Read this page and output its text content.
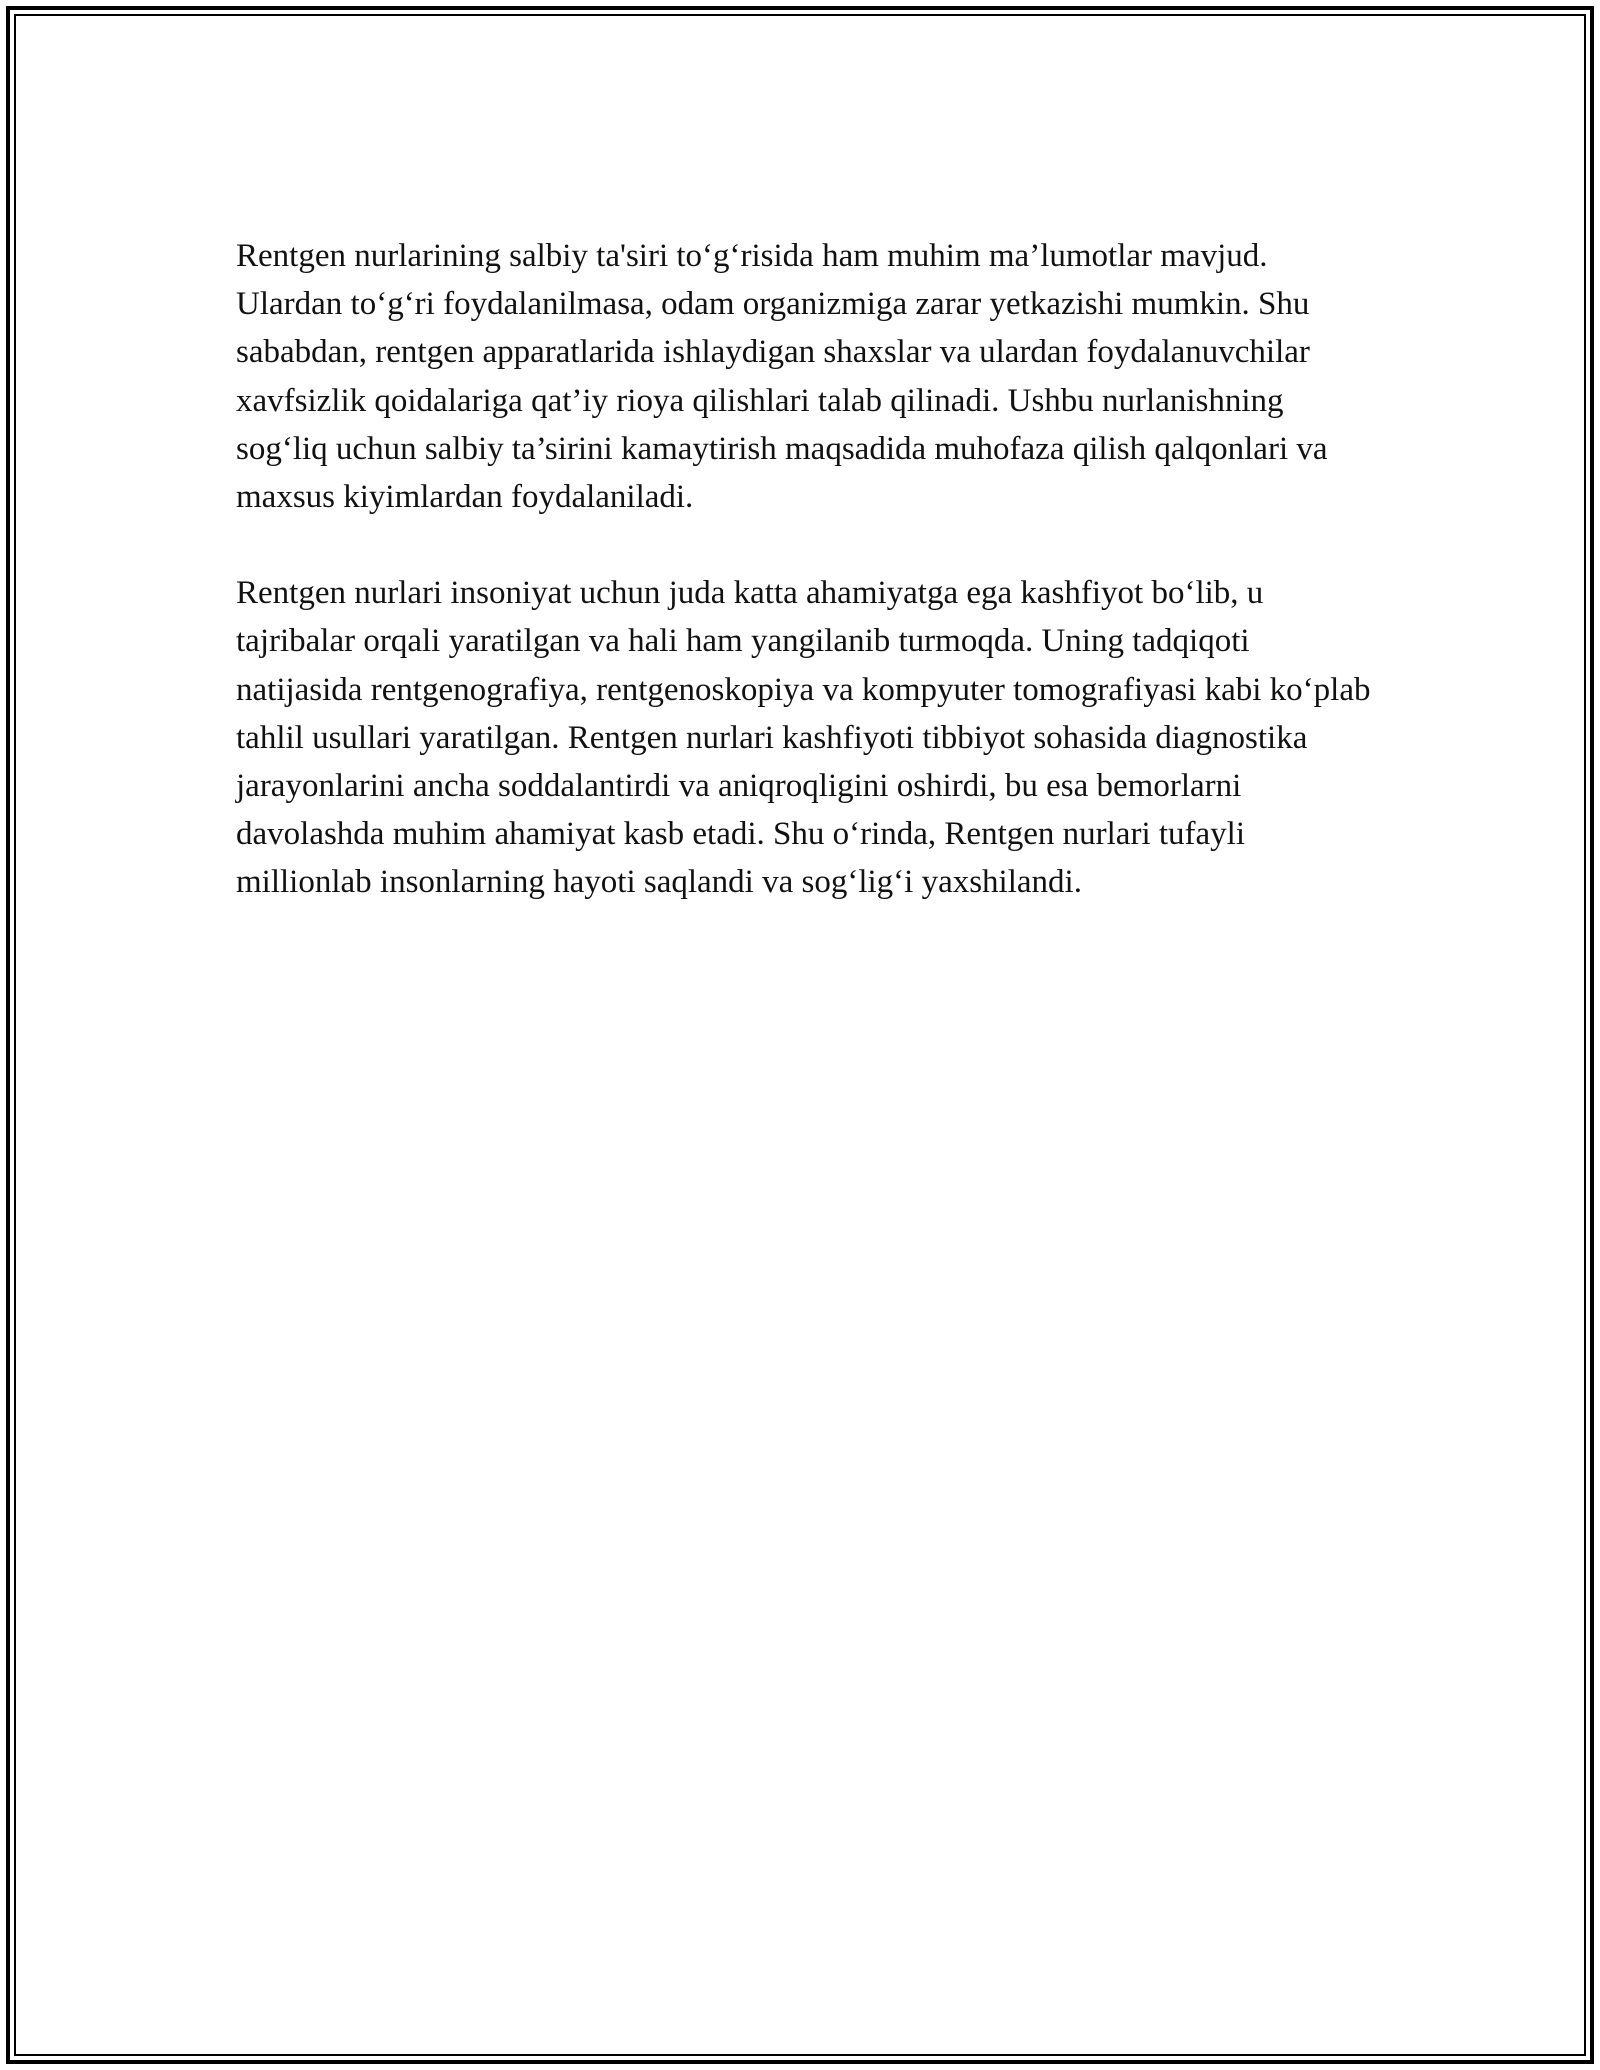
Rentgen nurlarining salbiy ta'siri to‘g‘risida ham muhim ma’lumotlar mavjud. Ulardan to‘g‘ri foydalanilmasa, odam organizmiga zarar yetkazishi mumkin. Shu sababdan, rentgen apparatlarida ishlaydigan shaxslar va ulardan foydalanuvchilar xavfsizlik qoidalariga qat’iy rioya qilishlari talab qilinadi. Ushbu nurlanishning sog‘liq uchun salbiy ta’sirini kamaytirish maqsadida muhofaza qilish qalqonlari va maxsus kiyimlardan foydalaniladi.

Rentgen nurlari insoniyat uchun juda katta ahamiyatga ega kashfiyot bo‘lib, u tajribalar orqali yaratilgan va hali ham yangilanib turmoqda. Uning tadqiqoti natijasida rentgenografiya, rentgenoskopiya va kompyuter tomografiyasi kabi ko‘plab tahlil usullari yaratilgan. Rentgen nurlari kashfiyoti tibbiyot sohasida diagnostika jarayonlarini ancha soddalantirdi va aniqroqligini oshirdi, bu esa bemorlarni davolashda muhim ahamiyat kasb etadi. Shu o‘rinda, Rentgen nurlari tufayli millionlab insonlarning hayoti saqlandi va sog‘lig‘i yaxshilandi.
